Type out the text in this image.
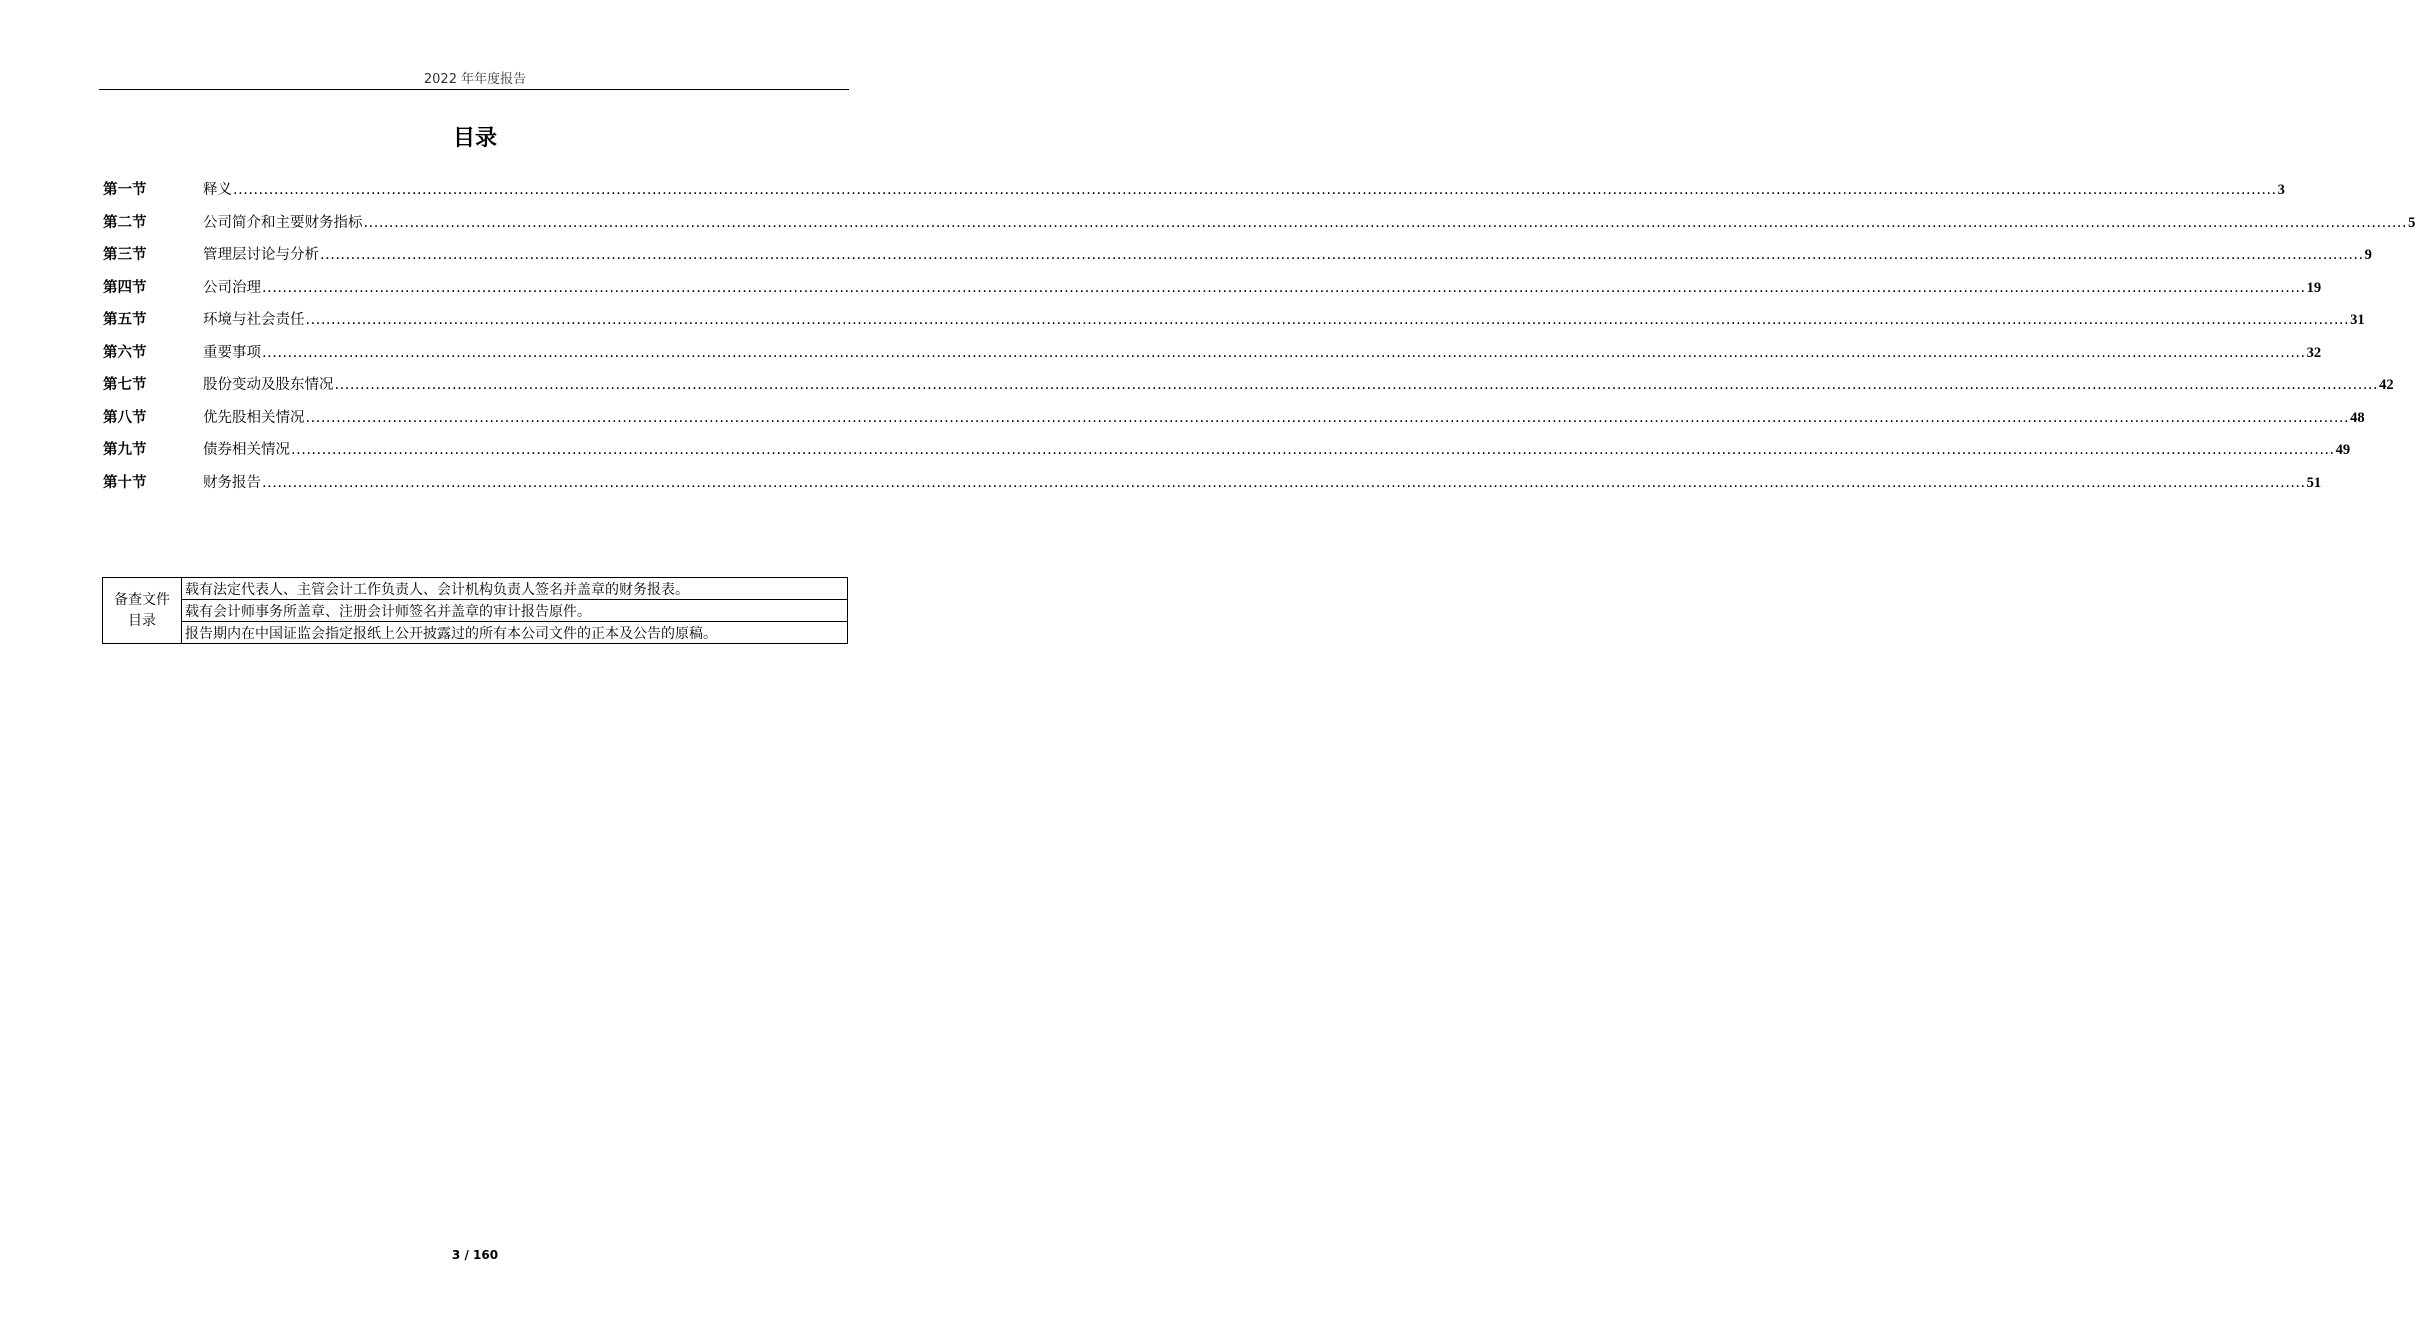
2022 年年度报告
目录
第一节	释义 ................................................................................................................................................................................................................................................................................................................................................................................................................ 3
第二节	公司简介和主要财务指标 ................................................................................................................................................................................................................................................................................................................................................................................................................ 5
第三节	管理层讨论与分析 ................................................................................................................................................................................................................................................................................................................................................................................................................ 9
第四节	公司治理 ................................................................................................................................................................................................................................................................................................................................................................................................................ 19
第五节	环境与社会责任 ................................................................................................................................................................................................................................................................................................................................................................................................................ 31
第六节	重要事项 ................................................................................................................................................................................................................................................................................................................................................................................................................ 32
第七节	股份变动及股东情况 ................................................................................................................................................................................................................................................................................................................................................................................................................ 42
第八节	优先股相关情况 ................................................................................................................................................................................................................................................................................................................................................................................................................ 48
第九节	债券相关情况 ................................................................................................................................................................................................................................................................................................................................................................................................................ 49
第十节	财务报告 ................................................................................................................................................................................................................................................................................................................................................................................................................ 51
备查文件
目录
	载有法定代表人、主管会计工作负责人、会计机构负责人签名并盖章的财务报表。
载有会计师事务所盖章、注册会计师签名并盖章的审计报告原件。
报告期内在中国证监会指定报纸上公开披露过的所有本公司文件的正本及公告的原稿。
3 / 160
